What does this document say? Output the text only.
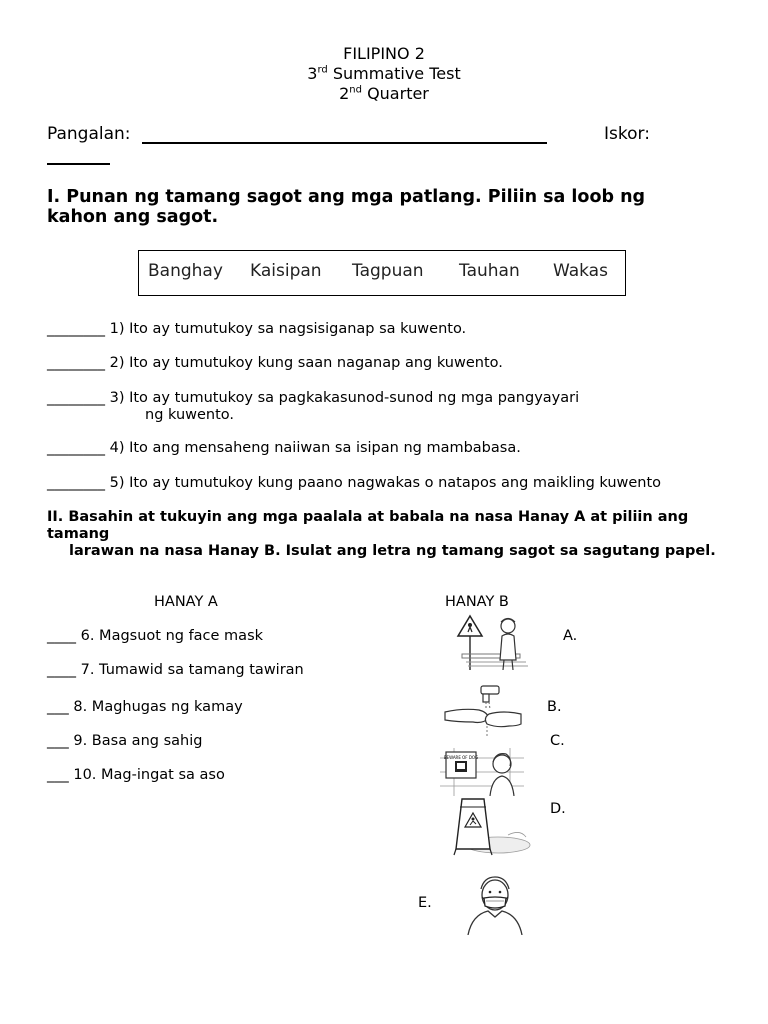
FILIPINO 2
3rd Summative Test
2nd Quarter
Pangalan:	Iskor:
I. Punan ng tamang sagot ang mga patlang. Piliin sa loob ng kahon ang sagot.
Banghay Kaisipan Tagpuan Tauhan Wakas
________ 1) Ito ay tumutukoy sa nagsisiganap sa kuwento.
________ 2) Ito ay tumutukoy kung saan naganap ang kuwento.
________ 3) Ito ay tumutukoy sa pagkakasunod-sunod ng mga pangyayari
ng kuwento.
________ 4) Ito ang mensaheng naiiwan sa isipan ng mambabasa.
________ 5) Ito ay tumutukoy kung paano nagwakas o natapos ang maikling kuwento
II. Basahin at tukuyin ang mga paalala at babala na nasa Hanay A at piliin ang tamang
larawan na nasa Hanay B. Isulat ang letra ng tamang sagot sa sagutang papel.
HANAY A	HANAY B
____ 6. Magsuot ng face mask
____ 7. Tumawid sa tamang tawiran
___ 8. Maghugas ng kamay
___ 9. Basa ang sahig
___ 10. Mag-ingat sa aso
A.
B.
C.
D.
E.
BEWARE OF DOG
